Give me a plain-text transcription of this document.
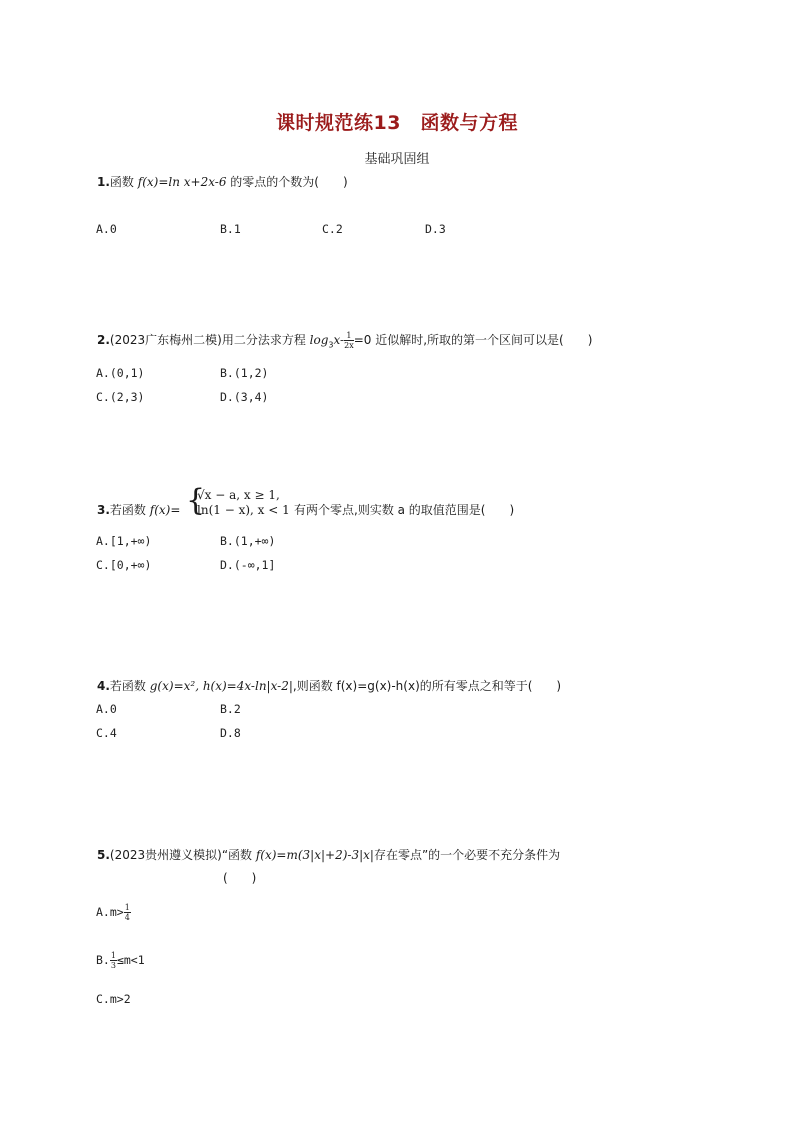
课时规范练13　函数与方程
基础巩固组
1.函数 f(x)=ln x+2x-6 的零点的个数为(　　)
A.0	B.1	C.2	D.3
2.(2023广东梅州二模)用二分法求方程 $\log_3x- \frac{1}{2x} =0$ 近似解时,所取的第一个区间可以是(　　)
A.(0,1)	B.(1,2)
C.(2,3)	D.(3,4)
3.若函数 f(x)= {
√x − a, x ≥ 1,
ln(1 − x), x < 1 有两个零点,则实数 a 的取值范围是(　　)
A.[1,+∞)	B.(1,+∞)
C.[0,+∞)	D.(-∞,1]
4.若函数 g(x)=x², h(x)=4x-ln|x-2|,则函数 f(x)=g(x)-h(x)的所有零点之和等于(　　)
A.0	B.2
C.4	D.8
5.(2023贵州遵义模拟)“函数 f(x)=m(3|x|+2)-3|x|存在零点”的一个必要不充分条件为
(　　)
$A.m> \frac{1}{4}$
B. $\frac{1}{3} \le m<1$
C.m>2
